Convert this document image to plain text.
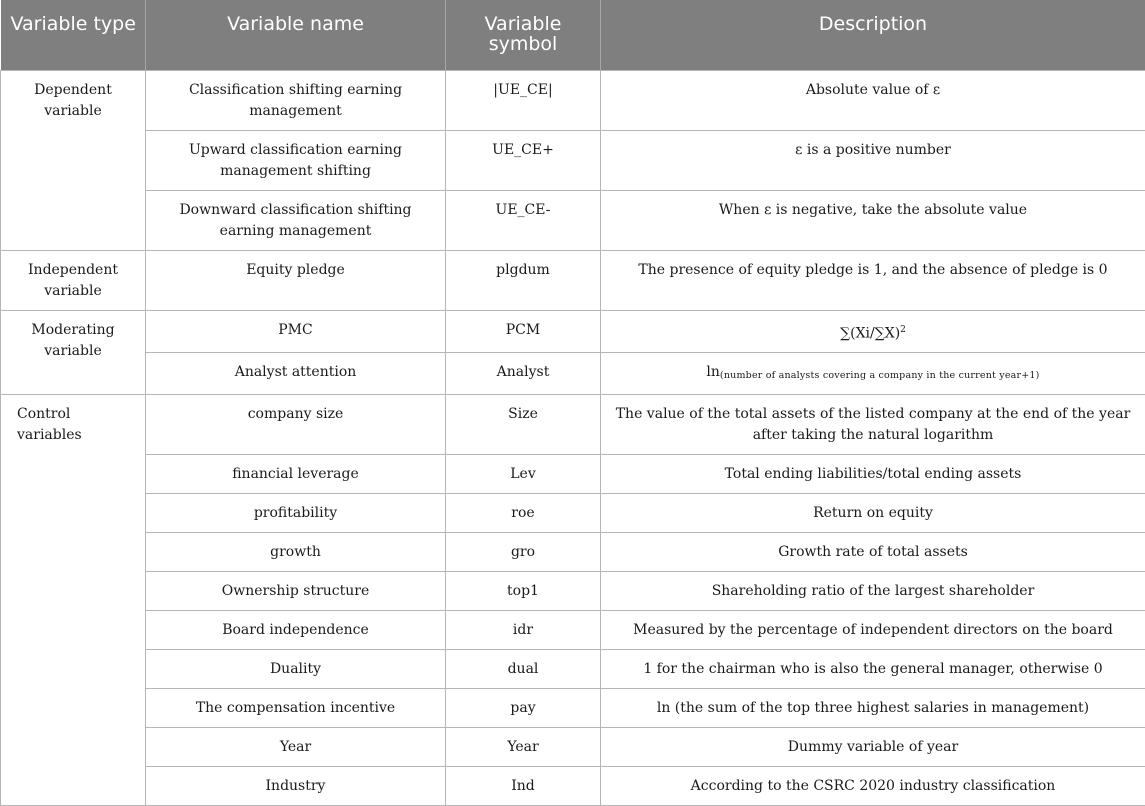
Variable type	Variable name	Variable symbol	Description
Dependent variable	Classification shifting earning management	|UE_CE|	Absolute value of ε
	Upward classification earning management shifting	UE_CE+	ε is a positive number
	Downward classification shifting earning management	UE_CE-	When ε is negative, take the absolute value
Independent variable	Equity pledge	plgdum	The presence of equity pledge is 1, and the absence of pledge is 0
Moderating variable	PMC	PCM	$\sum(Xi/\sum X)^2$
	Analyst attention	Analyst	$\ln_{(number of analysts covering a company in the current year+1)}$
Control variables	company size	Size	The value of the total assets of the listed company at the end of the year after taking the natural logarithm
	financial leverage	Lev	Total ending liabilities/total ending assets
	profitability	roe	Return on equity
	growth	gro	Growth rate of total assets
	Ownership structure	top1	Shareholding ratio of the largest shareholder
	Board independence	idr	Measured by the percentage of independent directors on the board
	Duality	dual	1 for the chairman who is also the general manager, otherwise 0
	The compensation incentive	pay	ln (the sum of the top three highest salaries in management)
	Year	Year	Dummy variable of year
	Industry	Ind	According to the CSRC 2020 industry classification
